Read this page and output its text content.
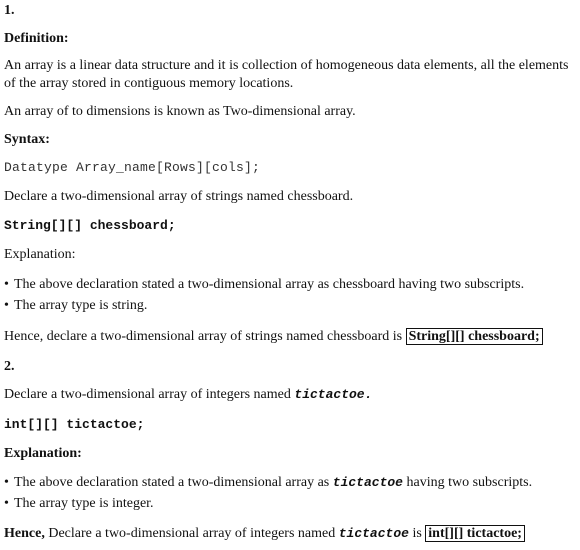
1.
Definition:
An array is a linear data structure and it is collection of homogeneous data elements, all the elements of the array stored in contiguous memory locations.
An array of to dimensions is known as Two-dimensional array.
Syntax:
Datatype Array_name[Rows][cols];
Declare a two-dimensional array of strings named chessboard.
String[][] chessboard;
Explanation:
• The above declaration stated a two-dimensional array as chessboard having two subscripts.
• The array type is string.
Hence, declare a two-dimensional array of strings named chessboard is String[][] chessboard;
2.
Declare a two-dimensional array of integers named tictactoe.
int[][] tictactoe;
Explanation:
• The above declaration stated a two-dimensional array as tictactoe having two subscripts.
• The array type is integer.
Hence, Declare a two-dimensional array of integers named tictactoe is int[][] tictactoe;
